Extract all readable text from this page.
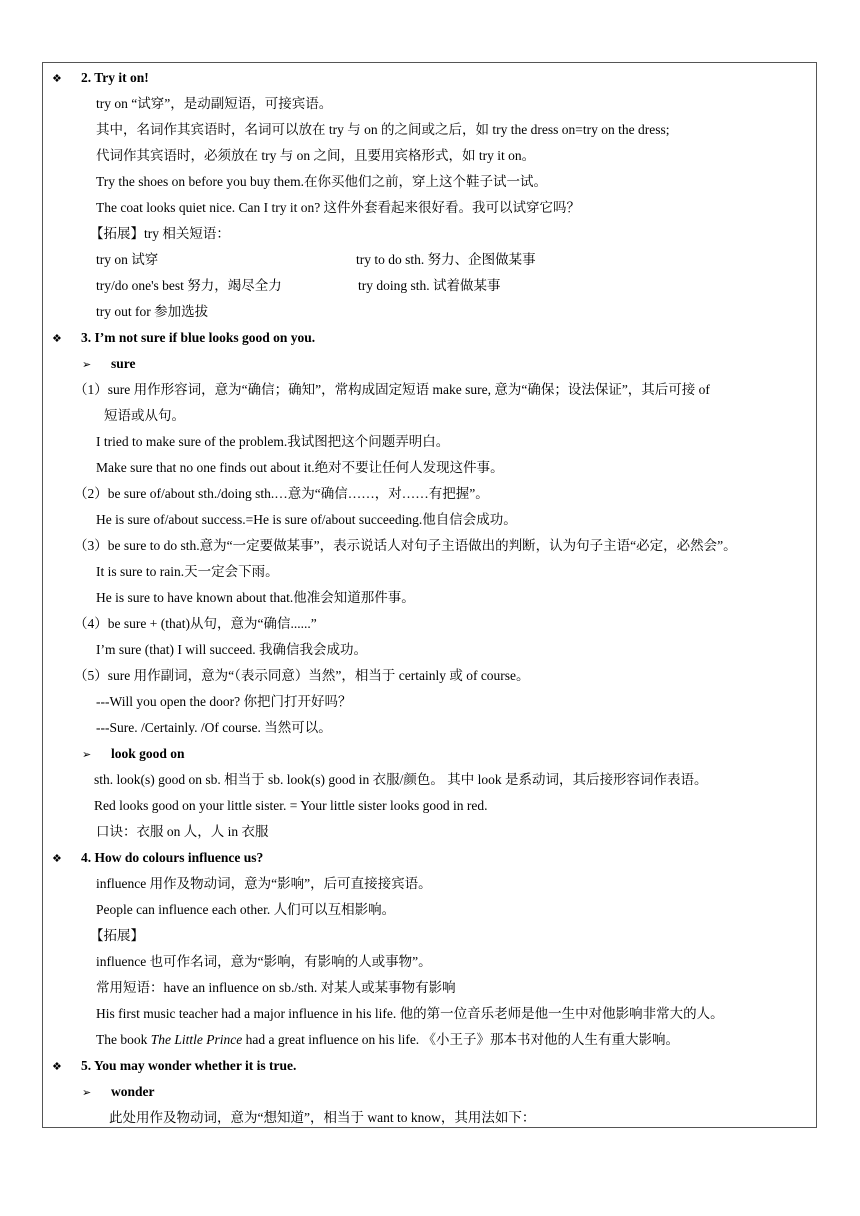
❖ 2. Try it on!
try on “试穿”，是动副短语，可接宾语。
其中，名词作其宾语时，名词可以放在 try 与 on 的之间或之后，如 try the dress on=try on the dress;
代词作其宾语时，必须放在 try 与 on 之间，且要用宾格形式，如 try it on。
Try the shoes on before you buy them.在你买他们之前，穿上这个鞋子试一试。
The coat looks quiet nice. Can I try it on? 这件外套看起来很好看。我可以试穿它吗？
【拓展】try 相关短语：
try on 试穿	try to do sth. 努力、企图做某事
try/do one's best 努力，竭尽全力	try doing sth. 试着做某事
try out for 参加选拔
❖ 3. I’m not sure if blue looks good on you.
➢ sure
（1）sure 用作形容词，意为“确信；确知”，常构成固定短语 make sure, 意为“确保；设法保证”，其后可接 of
短语或从句。
I tried to make sure of the problem.我试图把这个问题弄明白。
Make sure that no one finds out about it.绝对不要让任何人发现这件事。
（2）be sure of/about sth./doing sth.…意为“确信……，对……有把握”。
He is sure of/about success.=He is sure of/about succeeding.他自信会成功。
（3）be sure to do sth.意为“一定要做某事”，表示说话人对句子主语做出的判断，认为句子主语“必定，必然会”。
It is sure to rain.天一定会下雨。
He is sure to have known about that.他准会知道那件事。
（4）be sure + (that)从句，意为“确信......”
I’m sure (that) I will succeed. 我确信我会成功。
（5）sure 用作副词，意为“（表示同意）当然”，相当于 certainly 或 of course。
---Will you open the door? 你把门打开好吗？
---Sure. /Certainly. /Of course. 当然可以。
➢ look good on
sth. look(s) good on sb. 相当于 sb. look(s) good in 衣服/颜色。 其中 look 是系动词，其后接形容词作表语。
Red looks good on your little sister. = Your little sister looks good in red.
口诀：衣服 on 人，人 in 衣服
❖ 4. How do colours influence us?
influence 用作及物动词，意为“影响”，后可直接接宾语。
People can influence each other. 人们可以互相影响。
【拓展】
influence 也可作名词，意为“影响，有影响的人或事物”。
常用短语：have an influence on sb./sth. 对某人或某事物有影响
His first music teacher had a major influence in his life. 他的第一位音乐老师是他一生中对他影响非常大的人。
The book The Little Prince had a great influence on his life. 《小王子》那本书对他的人生有重大影响。
❖ 5. You may wonder whether it is true.
➢ wonder
此处用作及物动词，意为“想知道”，相当于 want to know，其用法如下：
